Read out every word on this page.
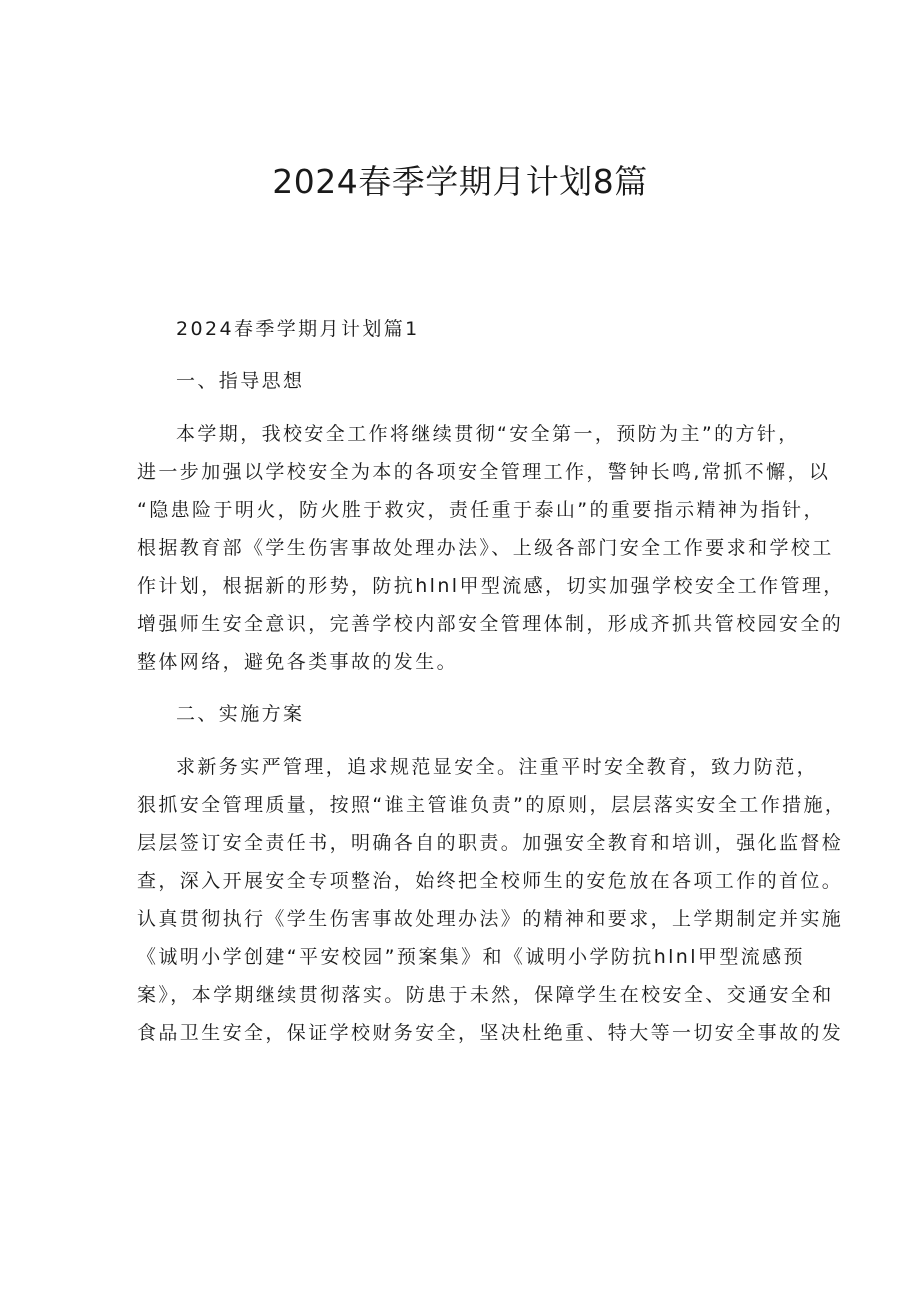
2024春季学期月计划8篇
2024春季学期月计划篇1
一、指导思想
本学期，我校安全工作将继续贯彻“安全第一，预防为主”的方针，
进一步加强以学校安全为本的各项安全管理工作，警钟长鸣,常抓不懈，以
“隐患险于明火，防火胜于救灾，责任重于泰山”的重要指示精神为指针，
根据教育部《学生伤害事故处理办法》、上级各部门安全工作要求和学校工
作计划，根据新的形势，防抗hlnl甲型流感，切实加强学校安全工作管理，
增强师生安全意识，完善学校内部安全管理体制，形成齐抓共管校园安全的
整体网络，避免各类事故的发生。
二、实施方案
求新务实严管理，追求规范显安全。注重平时安全教育，致力防范，
狠抓安全管理质量，按照“谁主管谁负责”的原则，层层落实安全工作措施，
层层签订安全责任书，明确各自的职责。加强安全教育和培训，强化监督检
查，深入开展安全专项整治，始终把全校师生的安危放在各项工作的首位。
认真贯彻执行《学生伤害事故处理办法》的精神和要求，上学期制定并实施
《诚明小学创建“平安校园”预案集》和《诚明小学防抗hlnl甲型流感预
案》，本学期继续贯彻落实。防患于未然，保障学生在校安全、交通安全和
食品卫生安全，保证学校财务安全，坚决杜绝重、特大等一切安全事故的发
